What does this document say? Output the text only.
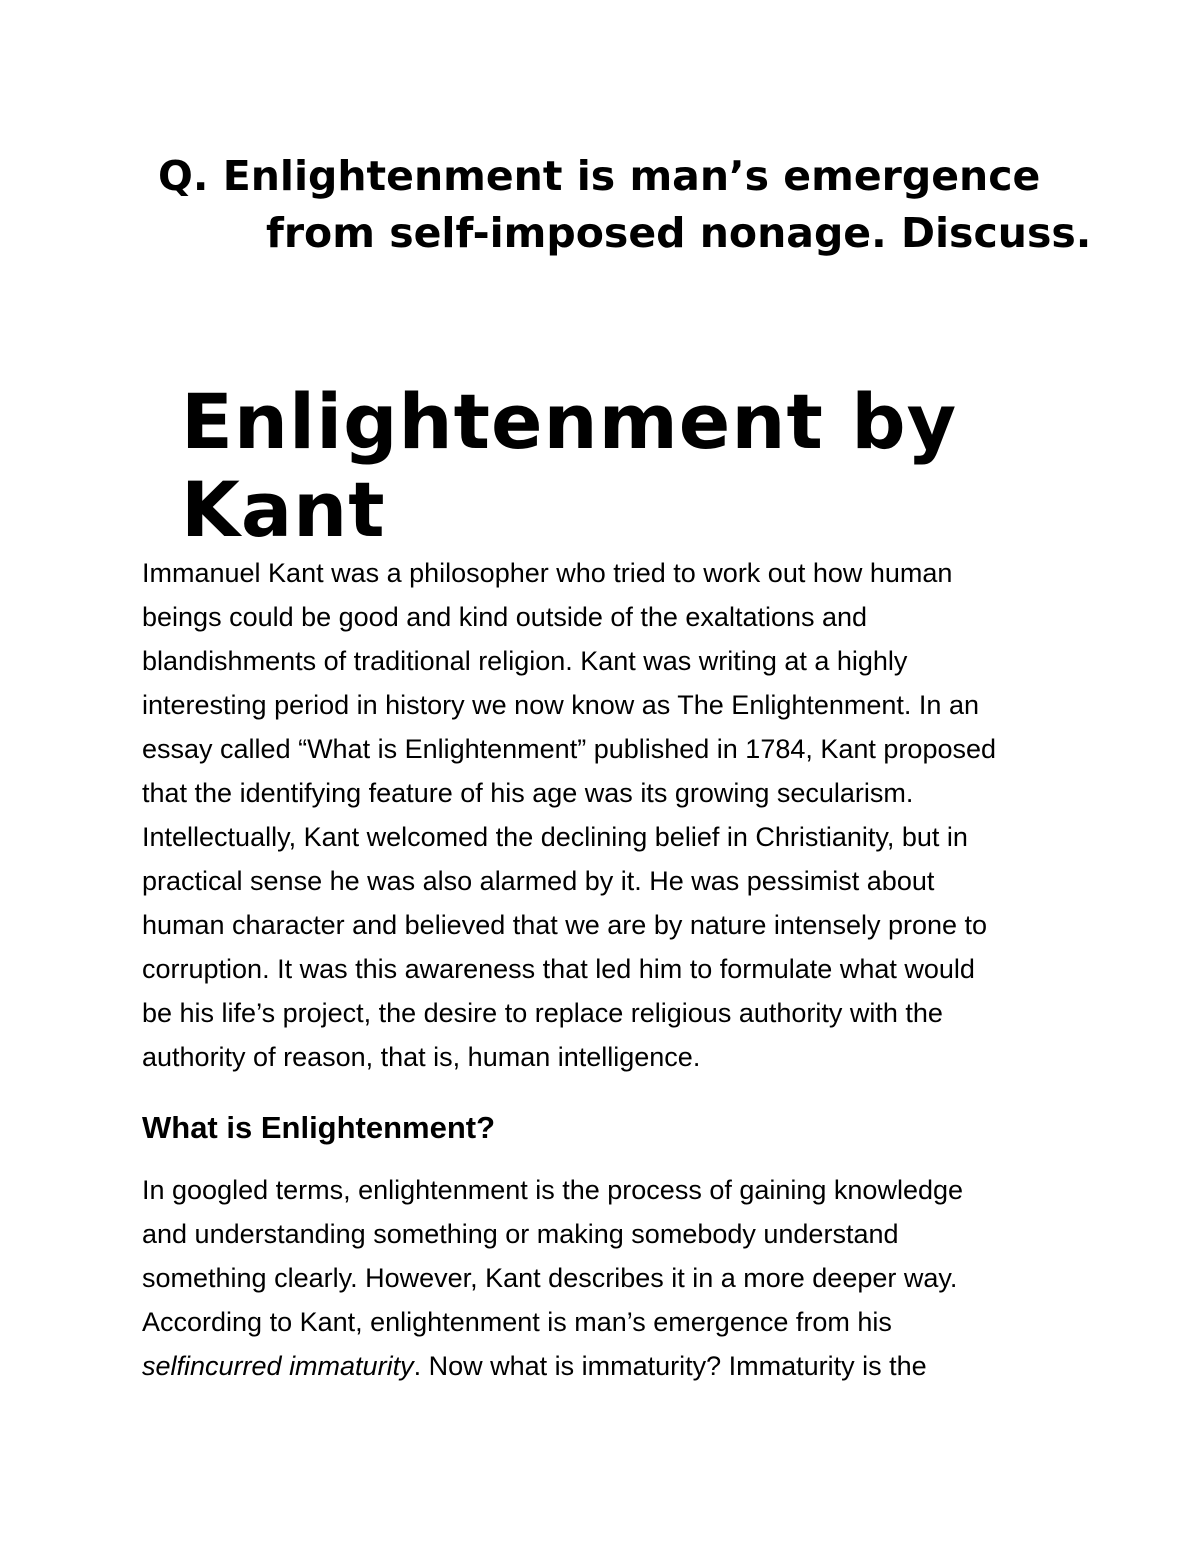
Q. Enlightenment is man’s emergence
from self-imposed nonage. Discuss.
Enlightenment by
Kant

Immanuel Kant was a philosopher who tried to work out how human
beings could be good and kind outside of the exaltations and
blandishments of traditional religion. Kant was writing at a highly
interesting period in history we now know as The Enlightenment. In an
essay called “What is Enlightenment” published in 1784, Kant proposed
that the identifying feature of his age was its growing secularism.
Intellectually, Kant welcomed the declining belief in Christianity, but in
practical sense he was also alarmed by it. He was pessimist about
human character and believed that we are by nature intensely prone to
corruption. It was this awareness that led him to formulate what would
be his life’s project, the desire to replace religious authority with the
authority of reason, that is, human intelligence.

What is Enlightenment?

In googled terms, enlightenment is the process of gaining knowledge
and understanding something or making somebody understand
something clearly. However, Kant describes it in a more deeper way.
According to Kant, enlightenment is man’s emergence from his
selfincurred immaturity. Now what is immaturity? Immaturity is the
